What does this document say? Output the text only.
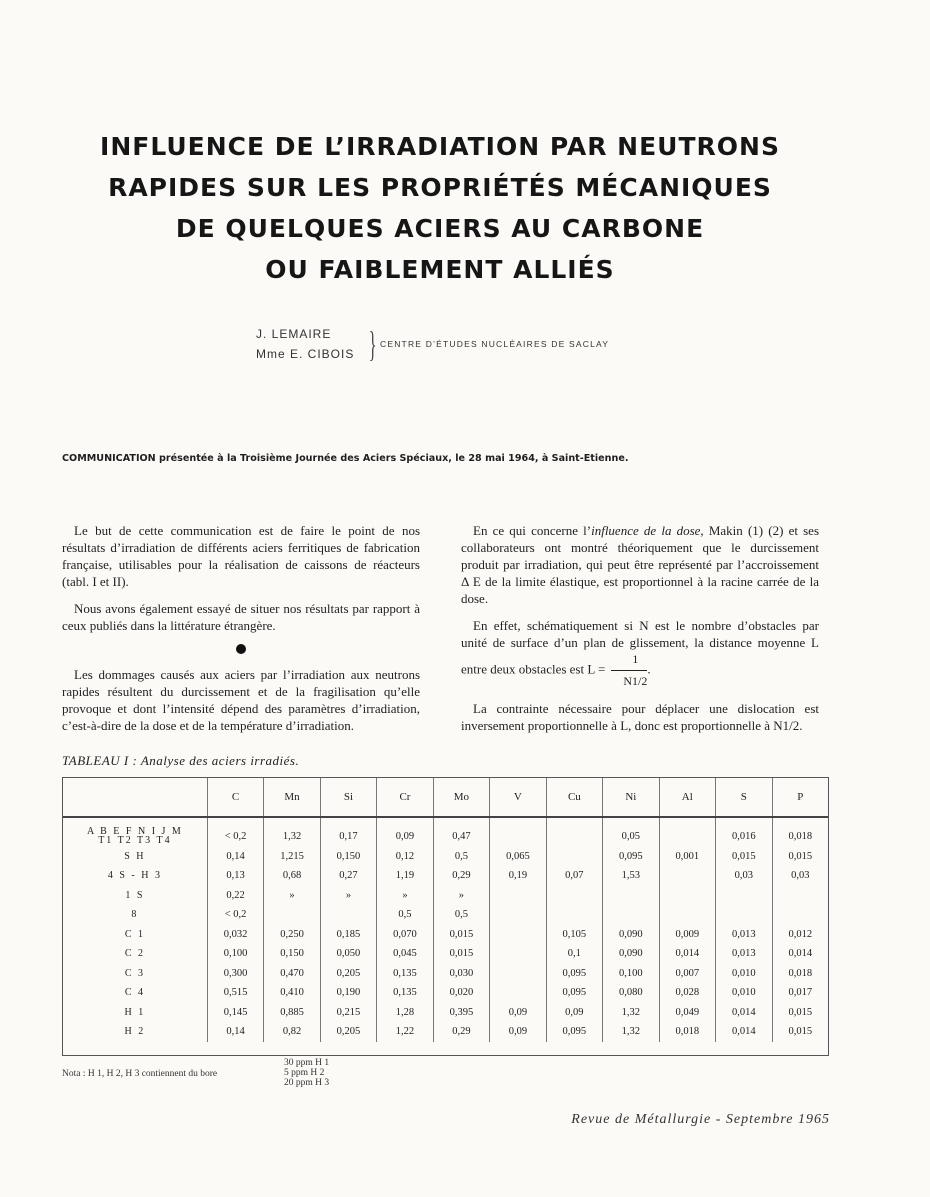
INFLUENCE DE L’IRRADIATION PAR NEUTRONS
RAPIDES SUR LES PROPRIÉTÉS MÉCANIQUES
DE QUELQUES ACIERS AU CARBONE
OU FAIBLEMENT ALLIÉS
J. LEMAIRE
Mme E. CIBOIS } CENTRE D’ÉTUDES NUCLÉAIRES DE SACLAY
COMMUNICATION présentée à la Troisième Journée des Aciers Spéciaux, le 28 mai 1964, à Saint-Etienne.

Le but de cette communication est de faire le point de nos résultats d’irradiation de différents aciers ferritiques de fabrication française, utilisables pour la réalisation de caissons de réacteurs (tabl. I et II).

Nous avons également essayé de situer nos résultats par rapport à ceux publiés dans la littérature étrangère.

Les dommages causés aux aciers par l’irradiation aux neutrons rapides résultent du durcissement et de la fragilisation qu’elle provoque et dont l’intensité dépend des paramètres d’irradiation, c’est-à-dire de la dose et de la température d’irradiation.

En ce qui concerne l’influence de la dose, Makin (1) (2) et ses collaborateurs ont montré théoriquement que le durcissement produit par irradiation, qui peut être représenté par l’accroissement Δ E de la limite élastique, est proportionnel à la racine carrée de la dose.

En effet, schématiquement si N est le nombre d’obstacles par unité de surface d’un plan de glissement, la distance moyenne L entre deux obstacles est $L = \frac{1}{N1/2}$ .

La contrainte nécessaire pour déplacer une dislocation est inversement proportionnelle à L, donc est proportionnelle à N1/2.

TABLEAU I : Analyse des aciers irradiés.
	C	Mn	Si	Cr	Mo	V	Cu	Ni	Al	S	P

A B E F N I J M
T1 T2 T3 T4	< 0,2	1,32	0,17	0,09	0,47			0,05		0,016	0,018
S H	0,14	1,215	0,150	0,12	0,5	0,065		0,095	0,001	0,015	0,015
4 S - H 3	0,13	0,68	0,27	1,19	0,29	0,19	0,07	1,53		0,03	0,03
1 S	0,22	»	»	»	»						
8	< 0,2			0,5	0,5						
C 1	0,032	0,250	0,185	0,070	0,015		0,105	0,090	0,009	0,013	0,012
C 2	0,100	0,150	0,050	0,045	0,015		0,1	0,090	0,014	0,013	0,014
C 3	0,300	0,470	0,205	0,135	0,030		0,095	0,100	0,007	0,010	0,018
C 4	0,515	0,410	0,190	0,135	0,020		0,095	0,080	0,028	0,010	0,017
H 1	0,145	0,885	0,215	1,28	0,395	0,09	0,09	1,32	0,049	0,014	0,015
H 2	0,14	0,82	0,205	1,22	0,29	0,09	0,095	1,32	0,018	0,014	0,015
Nota : H 1, H 2, H 3 contiennent du bore
30 ppm H 1
5 ppm H 2
20 ppm H 3
Revue de Métallurgie - Septembre 1965
